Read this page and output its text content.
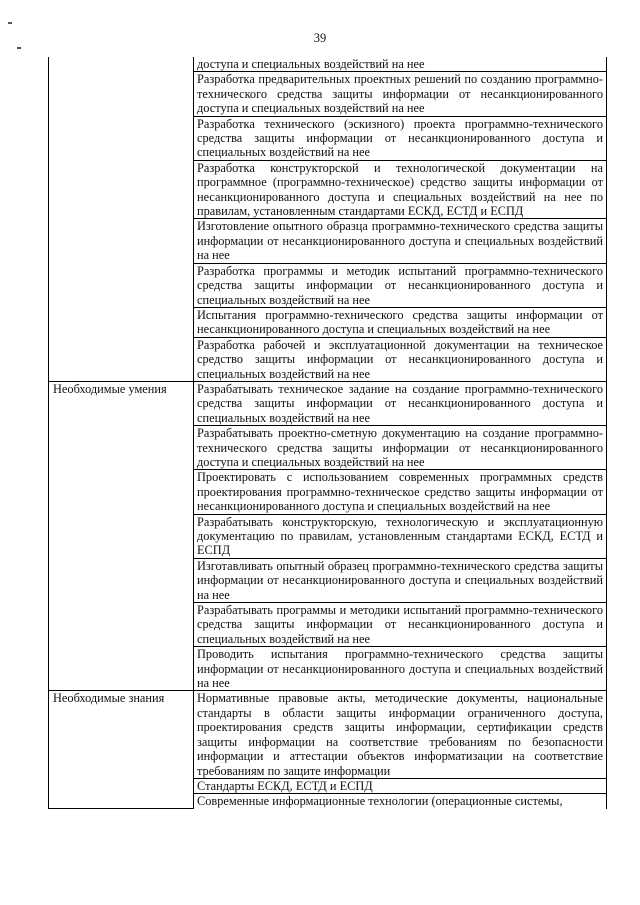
39
	доступа и специальных воздействий на нее
	Разработка предварительных проектных решений по созданию программно-технического средства защиты информации от несанкционированного доступа и специальных воздействий на нее
	Разработка технического (эскизного) проекта программно-технического средства защиты информации от несанкционированного доступа и специальных воздействий на нее
	Разработка конструкторской и технологической документации на программное (программно-техническое) средство защиты информации от несанкционированного доступа и специальных воздействий на нее по правилам, установленным стандартами ЕСКД, ЕСТД и ЕСПД
	Изготовление опытного образца программно-технического средства защиты информации от несанкционированного доступа и специальных воздействий на нее
	Разработка программы и методик испытаний программно-технического средства защиты информации от несанкционированного доступа и специальных воздействий на нее
	Испытания программно-технического средства защиты информации от несанкционированного доступа и специальных воздействий на нее
	Разработка рабочей и эксплуатационной документации на техническое средство защиты информации от несанкционированного доступа и специальных воздействий на нее
Необходимые умения	Разрабатывать техническое задание на создание программно-технического средства защиты информации от несанкционированного доступа и специальных воздействий на нее
	Разрабатывать проектно-сметную документацию на создание программно-технического средства защиты информации от несанкционированного доступа и специальных воздействий на нее
	Проектировать с использованием современных программных средств проектирования программно-техническое средство защиты информации от несанкционированного доступа и специальных воздействий на нее
	Разрабатывать конструкторскую, технологическую и эксплуатационную документацию по правилам, установленным стандартами ЕСКД, ЕСТД и ЕСПД
	Изготавливать опытный образец программно-технического средства защиты информации от несанкционированного доступа и специальных воздействий на нее
	Разрабатывать программы и методики испытаний программно-технического средства защиты информации от несанкционированного доступа и специальных воздействий на нее
	Проводить испытания программно-технического средства защиты информации от несанкционированного доступа и специальных воздействий на нее
Необходимые знания	Нормативные правовые акты, методические документы, национальные стандарты в области защиты информации ограниченного доступа, проектирования средств защиты информации, сертификации средств защиты информации на соответствие требованиям по безопасности информации и аттестации объектов информатизации на соответствие требованиям по защите информации
	Стандарты ЕСКД, ЕСТД и ЕСПД
	Современные информационные технологии (операционные системы,
